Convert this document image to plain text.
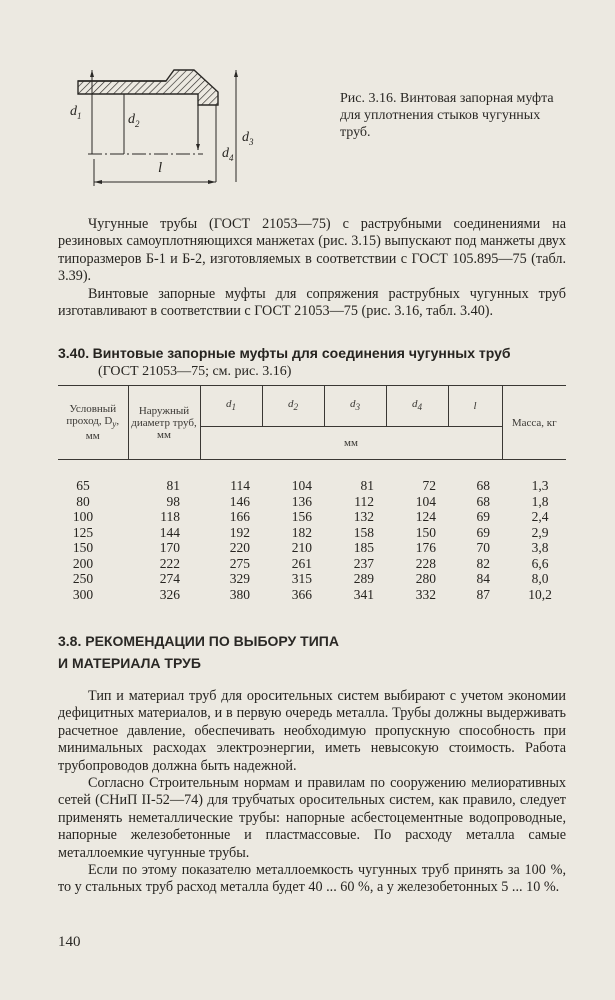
$d_1$	$d_2$
$d_3$
$d_4$
l
Рис. 3.16. Винтовая запорная муфта для уплотнения стыков чугунных труб.
Чугунные трубы (ГОСТ 21053—75) с раструбными соединениями на резиновых самоуплотняющихся манжетах (рис. 3.15) выпускают под манжеты двух типоразмеров Б-1 и Б-2, изготовляемых в соответствии с ГОСТ 105.895—75 (табл. 3.39).
Винтовые запорные муфты для сопряжения раструбных чугунных труб изготавливают в соответствии с ГОСТ 21053—75 (рис. 3.16, табл. 3.40).
3.40. Винтовые запорные муфты для соединения чугунных труб
(ГОСТ 21053—75; см. рис. 3.16)
Условный проход, $D_у$, мм	Наружный диаметр труб, мм	$d_1$	$d_2$	$d_3$	$d_4$	l	Масса, кг
		мм					
65	81	114	104	81	72	68	1,3
80	98	146	136	112	104	68	1,8
100	118	166	156	132	124	69	2,4
125	144	192	182	158	150	69	2,9
150	170	220	210	185	176	70	3,8
200	222	275	261	237	228	82	6,6
250	274	329	315	289	280	84	8,0
300	326	380	366	341	332	87	10,2
3.8. РЕКОМЕНДАЦИИ ПО ВЫБОРУ ТИПА
И МАТЕРИАЛА ТРУБ
Тип и материал труб для оросительных систем выбирают с учетом экономии дефицитных материалов, и в первую очередь металла. Трубы должны выдерживать расчетное давление, обеспечивать необходимую пропускную способность при минимальных расходах электроэнергии, иметь невысокую стоимость. Работа трубопроводов должна быть надежной.
Согласно Строительным нормам и правилам по сооружению мелиоративных сетей (СНиП II-52—74) для трубчатых оросительных систем, как правило, следует применять неметаллические трубы: напорные асбестоцементные водопроводные, напорные железобетонные и пластмассовые. По расходу металла самые металлоемкие чугунные трубы.
Если по этому показателю металлоемкость чугунных труб принять за 100 %, то у стальных труб расход металла будет 40 ... 60 %, а у железобетонных 5 ... 10 %.
140
